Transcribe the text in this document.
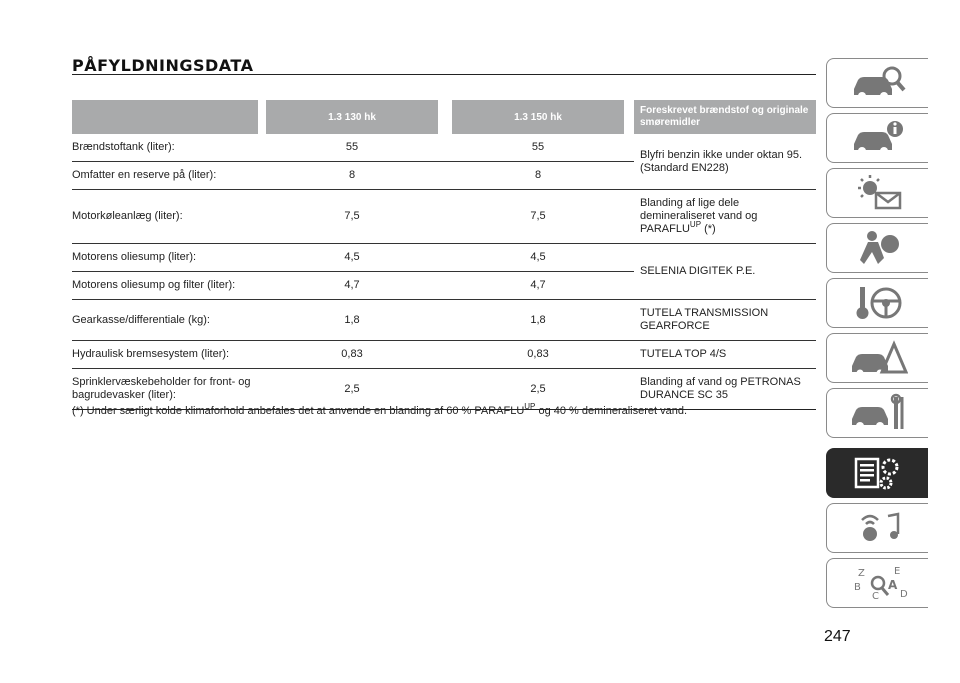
PÅFYLDNINGSDATA
		1.3 130 hk		1.3 150 hk		Foreskrevet brændstof og originale smøremidler
Brændstoftank (liter):		55		55		Blyfri benzin ikke under oktan 95. (Standard EN228)
Omfatter en reserve på (liter):		8		8		
Motorkøleanlæg (liter):		7,5		7,5		Blanding af lige dele demineraliseret vand og $PARAFLU^{UP}$ (*)
Motorens oliesump (liter):		4,5		4,5		SELENIA DIGITEK P.E.
Motorens oliesump og filter (liter):		4,7		4,7		
Gearkasse/differentiale (kg):		1,8		1,8		TUTELA TRANSMISSION GEARFORCE
Hydraulisk bremsesystem (liter):		0,83		0,83		TUTELA TOP 4/S
Sprinklervæskebeholder for front- og bagrudevasker (liter):		2,5		2,5		Blanding af vand og PETRONAS DURANCE SC 35
(*) Under særligt kolde klimaforhold anbefales det at anvende en blanding af 60 % $PARAFLU^{UP}$ og 40 % demineraliseret vand.
Z	E
B A
C D
247
